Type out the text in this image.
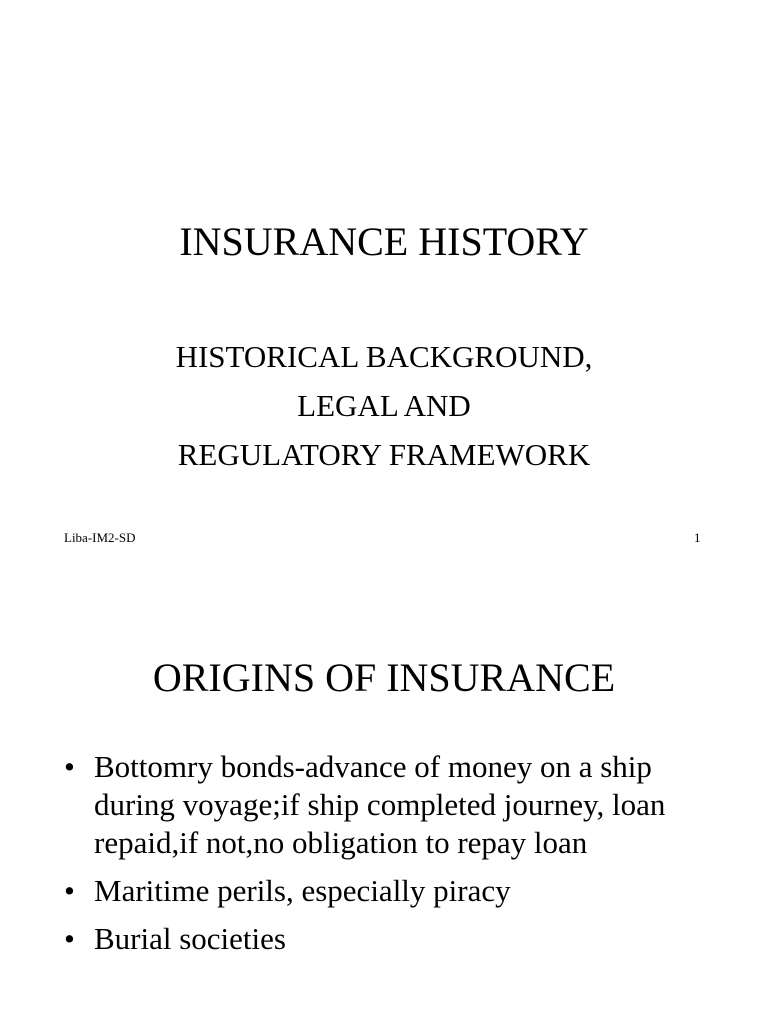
INSURANCE HISTORY
HISTORICAL BACKGROUND,
LEGAL AND
REGULATORY FRAMEWORK
Liba-IM2-SD	1
ORIGINS OF INSURANCE
• Bottomry bonds-advance of money on a ship during voyage;if ship completed journey, loan repaid,if not,no obligation to repay loan
• Maritime perils, especially piracy
• Burial societies
